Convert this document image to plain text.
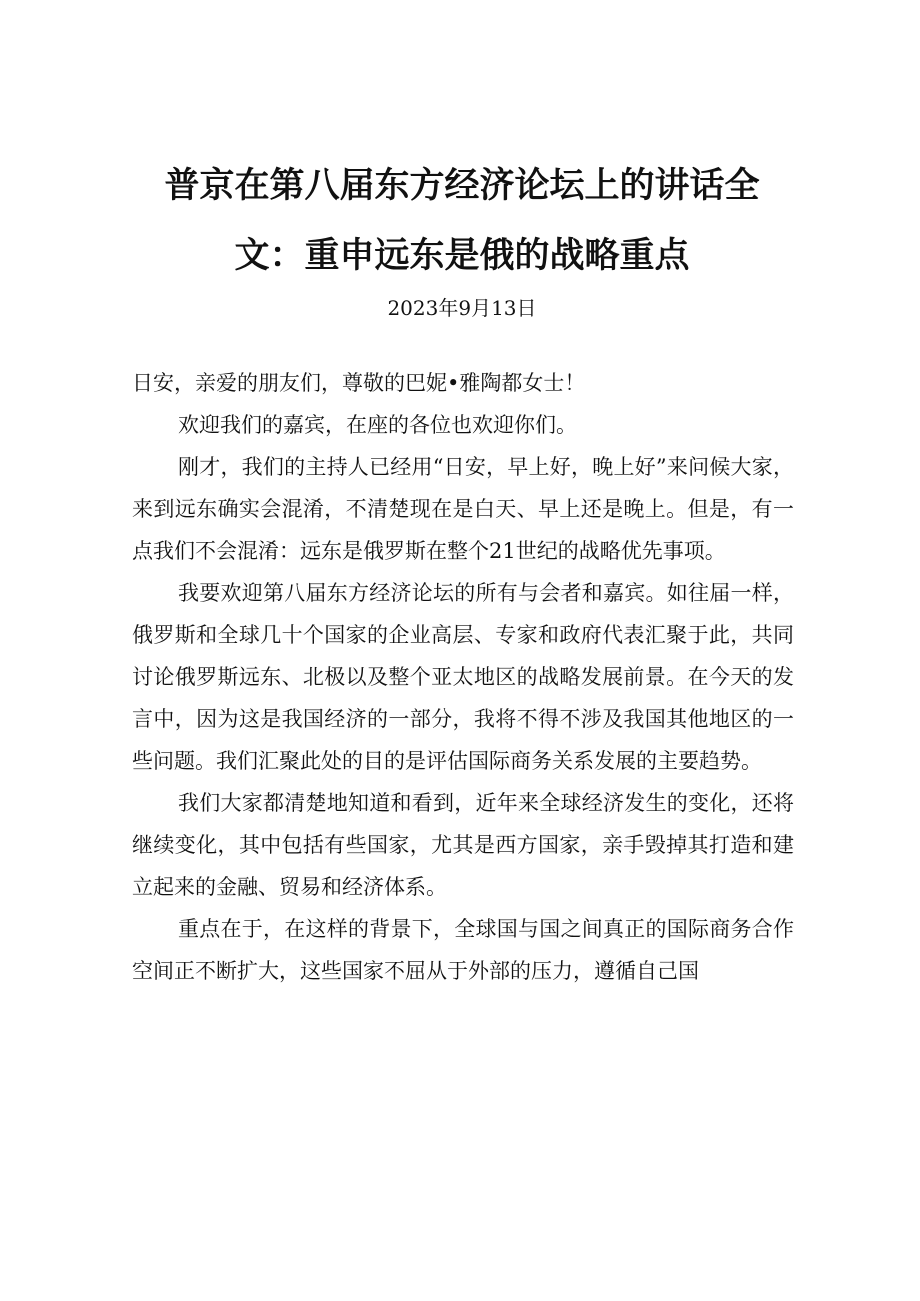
普京在第八届东方经济论坛上的讲话全
文：重申远东是俄的战略重点
2023年9月13日

日安，亲爱的朋友们，尊敬的巴妮•雅陶都女士！

欢迎我们的嘉宾，在座的各位也欢迎你们。

刚才，我们的主持人已经用“日安，早上好，晚上好”来问候大家，来到远东确实会混淆，不清楚现在是白天、早上还是晚上。但是，有一点我们不会混淆：远东是俄罗斯在整个21世纪的战略优先事项。

我要欢迎第八届东方经济论坛的所有与会者和嘉宾。如往届一样，俄罗斯和全球几十个国家的企业高层、专家和政府代表汇聚于此，共同讨论俄罗斯远东、北极以及整个亚太地区的战略发展前景。在今天的发言中，因为这是我国经济的一部分，我将不得不涉及我国其他地区的一些问题。我们汇聚此处的目的是评估国际商务关系发展的主要趋势。

我们大家都清楚地知道和看到，近年来全球经济发生的变化，还将继续变化，其中包括有些国家，尤其是西方国家，亲手毁掉其打造和建立起来的金融、贸易和经济体系。

重点在于，在这样的背景下，全球国与国之间真正的国际商务合作空间正不断扩大，这些国家不屈从于外部的压力，遵循自己国
